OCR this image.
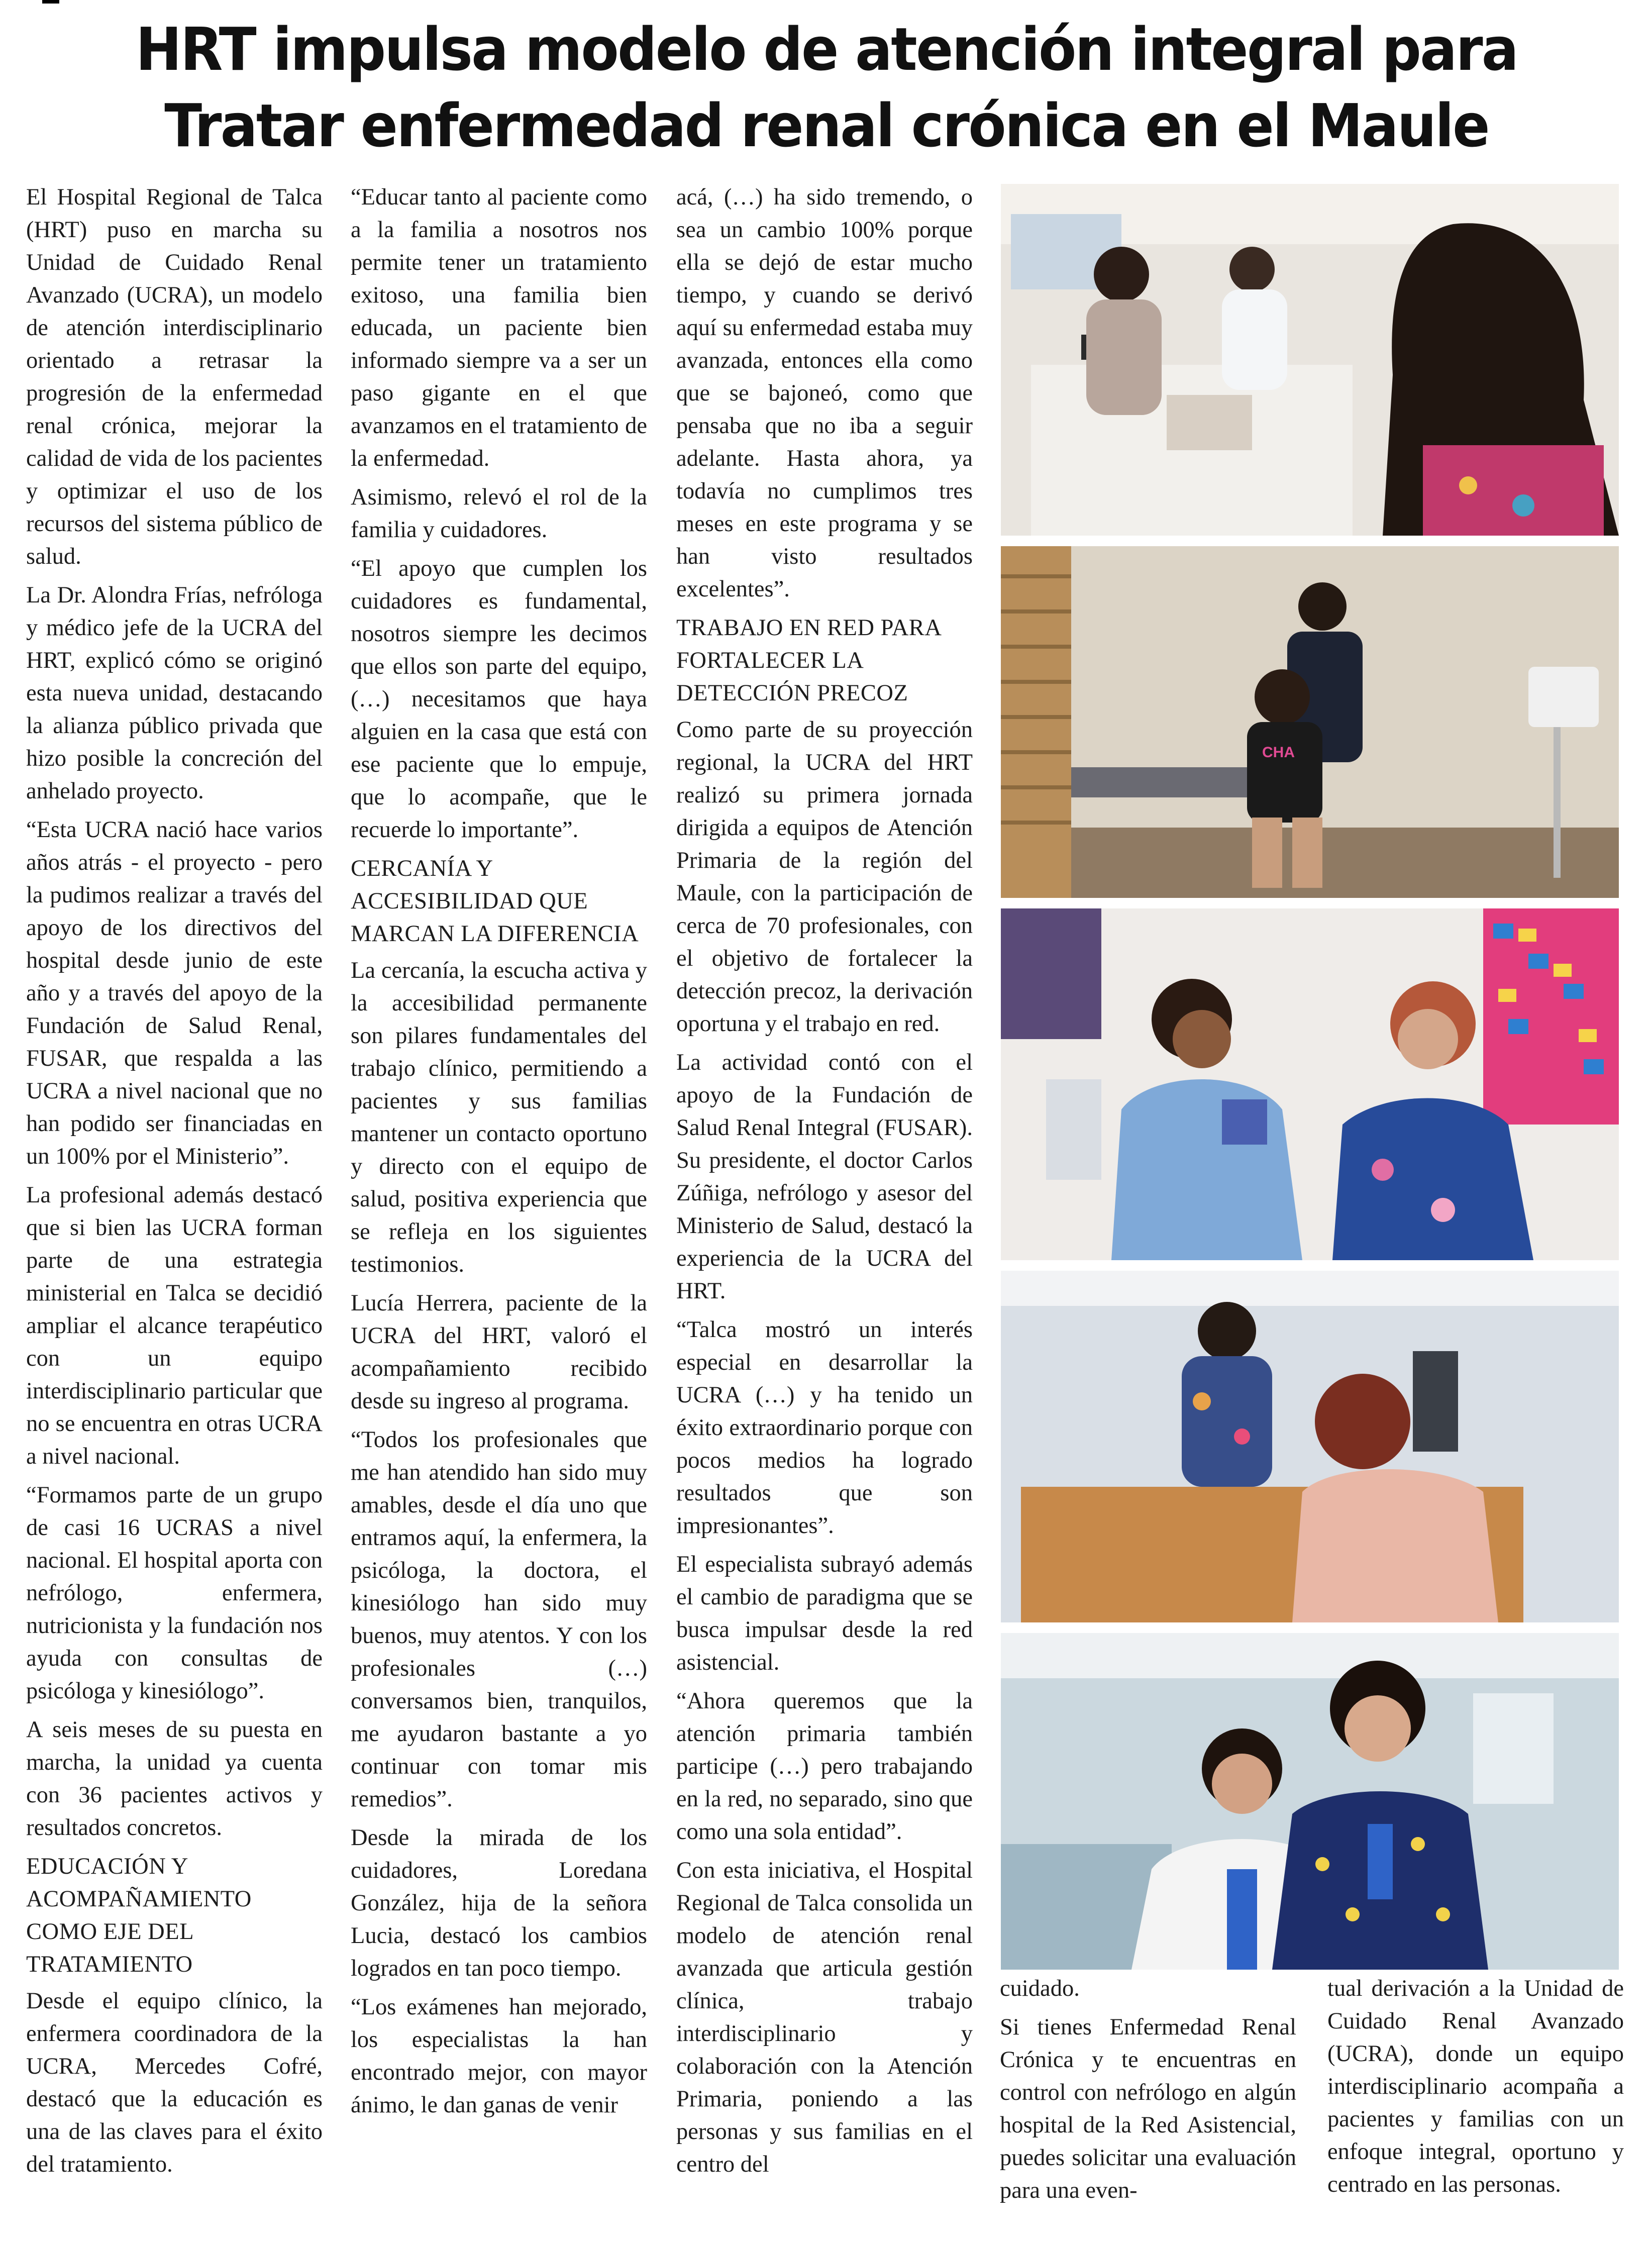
HRT impulsa modelo de atención integral para
Tratar enfermedad renal crónica en el Maule

El Hospital Regional de Talca (HRT) puso en marcha su Unidad de Cuidado Renal Avanzado (UCRA), un modelo de atención interdisciplinario orientado a retrasar la progresión de la enfermedad renal crónica, mejorar la calidad de vida de los pacientes y optimizar el uso de los recursos del sistema público de salud.

La Dr. Alondra Frías, nefróloga y médico jefe de la UCRA del HRT, explicó cómo se originó esta nueva unidad, destacando la alianza público privada que hizo posible la concreción del anhelado proyecto.

“Esta UCRA nació hace varios años atrás - el proyecto - pero la pudimos realizar a través del apoyo de los directivos del hospital desde junio de este año y a través del apoyo de la Fundación de Salud Renal, FUSAR, que respalda a las UCRA a nivel nacional que no han podido ser financiadas en un 100% por el Ministerio”.

La profesional además destacó que si bien las UCRA forman parte de una estrategia ministerial en Talca se decidió ampliar el alcance terapéutico con un equipo interdisciplinario particular que no se encuentra en otras UCRA a nivel nacional.

“Formamos parte de un grupo de casi 16 UCRAS a nivel nacional. El hospital aporta con nefrólogo, enfermera, nutricionista y la fundación nos ayuda con consultas de psicóloga y kinesiólogo”.

A seis meses de su puesta en marcha, la unidad ya cuenta con 36 pacientes activos y resultados concretos.

EDUCACIÓN Y ACOMPAÑAMIENTO COMO EJE DEL TRATAMIENTO

Desde el equipo clínico, la enfermera coordinadora de la UCRA, Mercedes Cofré, destacó que la educación es una de las claves para el éxito del tratamiento.

“Educar tanto al paciente como a la familia a nosotros nos permite tener un tratamiento exitoso, una familia bien educada, un paciente bien informado siempre va a ser un paso gigante en el que avanzamos en el tratamiento de la enfermedad.

Asimismo, relevó el rol de la familia y cuidadores.

“El apoyo que cumplen los cuidadores es fundamental, nosotros siempre les decimos que ellos son parte del equipo, (…) necesitamos que haya alguien en la casa que está con ese paciente que lo empuje, que lo acompañe, que le recuerde lo importante”.

CERCANÍA Y ACCESIBILIDAD QUE MARCAN LA DIFERENCIA

La cercanía, la escucha activa y la accesibilidad permanente son pilares fundamentales del trabajo clínico, permitiendo a pacientes y sus familias mantener un contacto oportuno y directo con el equipo de salud, positiva experiencia que se refleja en los siguientes testimonios.

Lucía Herrera, paciente de la UCRA del HRT, valoró el acompañamiento recibido desde su ingreso al programa.

“Todos los profesionales que me han atendido han sido muy amables, desde el día uno que entramos aquí, la enfermera, la psicóloga, la doctora, el kinesiólogo han sido muy buenos, muy atentos. Y con los profesionales (…) conversamos bien, tranquilos, me ayudaron bastante a yo continuar con tomar mis remedios”.

Desde la mirada de los cuidadores, Loredana González, hija de la señora Lucia, destacó los cambios logrados en tan poco tiempo.

“Los exámenes han mejorado, los especialistas la han encontrado mejor, con mayor ánimo, le dan ganas de venir

acá, (…) ha sido tremendo, o sea un cambio 100% porque ella se dejó de estar mucho tiempo, y cuando se derivó aquí su enfermedad estaba muy avanzada, entonces ella como que se bajoneó, como que pensaba que no iba a seguir adelante. Hasta ahora, ya todavía no cumplimos tres meses en este programa y se han visto resultados excelentes”.

TRABAJO EN RED PARA FORTALECER LA DETECCIÓN PRECOZ

Como parte de su proyección regional, la UCRA del HRT realizó su primera jornada dirigida a equipos de Atención Primaria de la región del Maule, con la participación de cerca de 70 profesionales, con el objetivo de fortalecer la detección precoz, la derivación oportuna y el trabajo en red.

La actividad contó con el apoyo de la Fundación de Salud Renal Integral (FUSAR). Su presidente, el doctor Carlos Zúñiga, nefrólogo y asesor del Ministerio de Salud, destacó la experiencia de la UCRA del HRT.

“Talca mostró un interés especial en desarrollar la UCRA (…) y ha tenido un éxito extraordinario porque con pocos medios ha logrado resultados que son impresionantes”.

El especialista subrayó además el cambio de paradigma que se busca impulsar desde la red asistencial.

“Ahora queremos que la atención primaria también participe (…) pero trabajando en la red, no separado, sino que como una sola entidad”.

Con esta iniciativa, el Hospital Regional de Talca consolida un modelo de atención renal avanzada que articula gestión clínica, trabajo interdisciplinario y colaboración con la Atención Primaria, poniendo a las personas y sus familias en el centro del

CHA

cuidado.

Si tienes Enfermedad Renal Crónica y te encuentras en control con nefrólogo en algún hospital de la Red Asistencial, puedes solicitar una evaluación para una even-

tual derivación a la Unidad de Cuidado Renal Avanzado (UCRA), donde un equipo interdisciplinario acompaña a pacientes y familias con un enfoque integral, oportuno y centrado en las personas.
